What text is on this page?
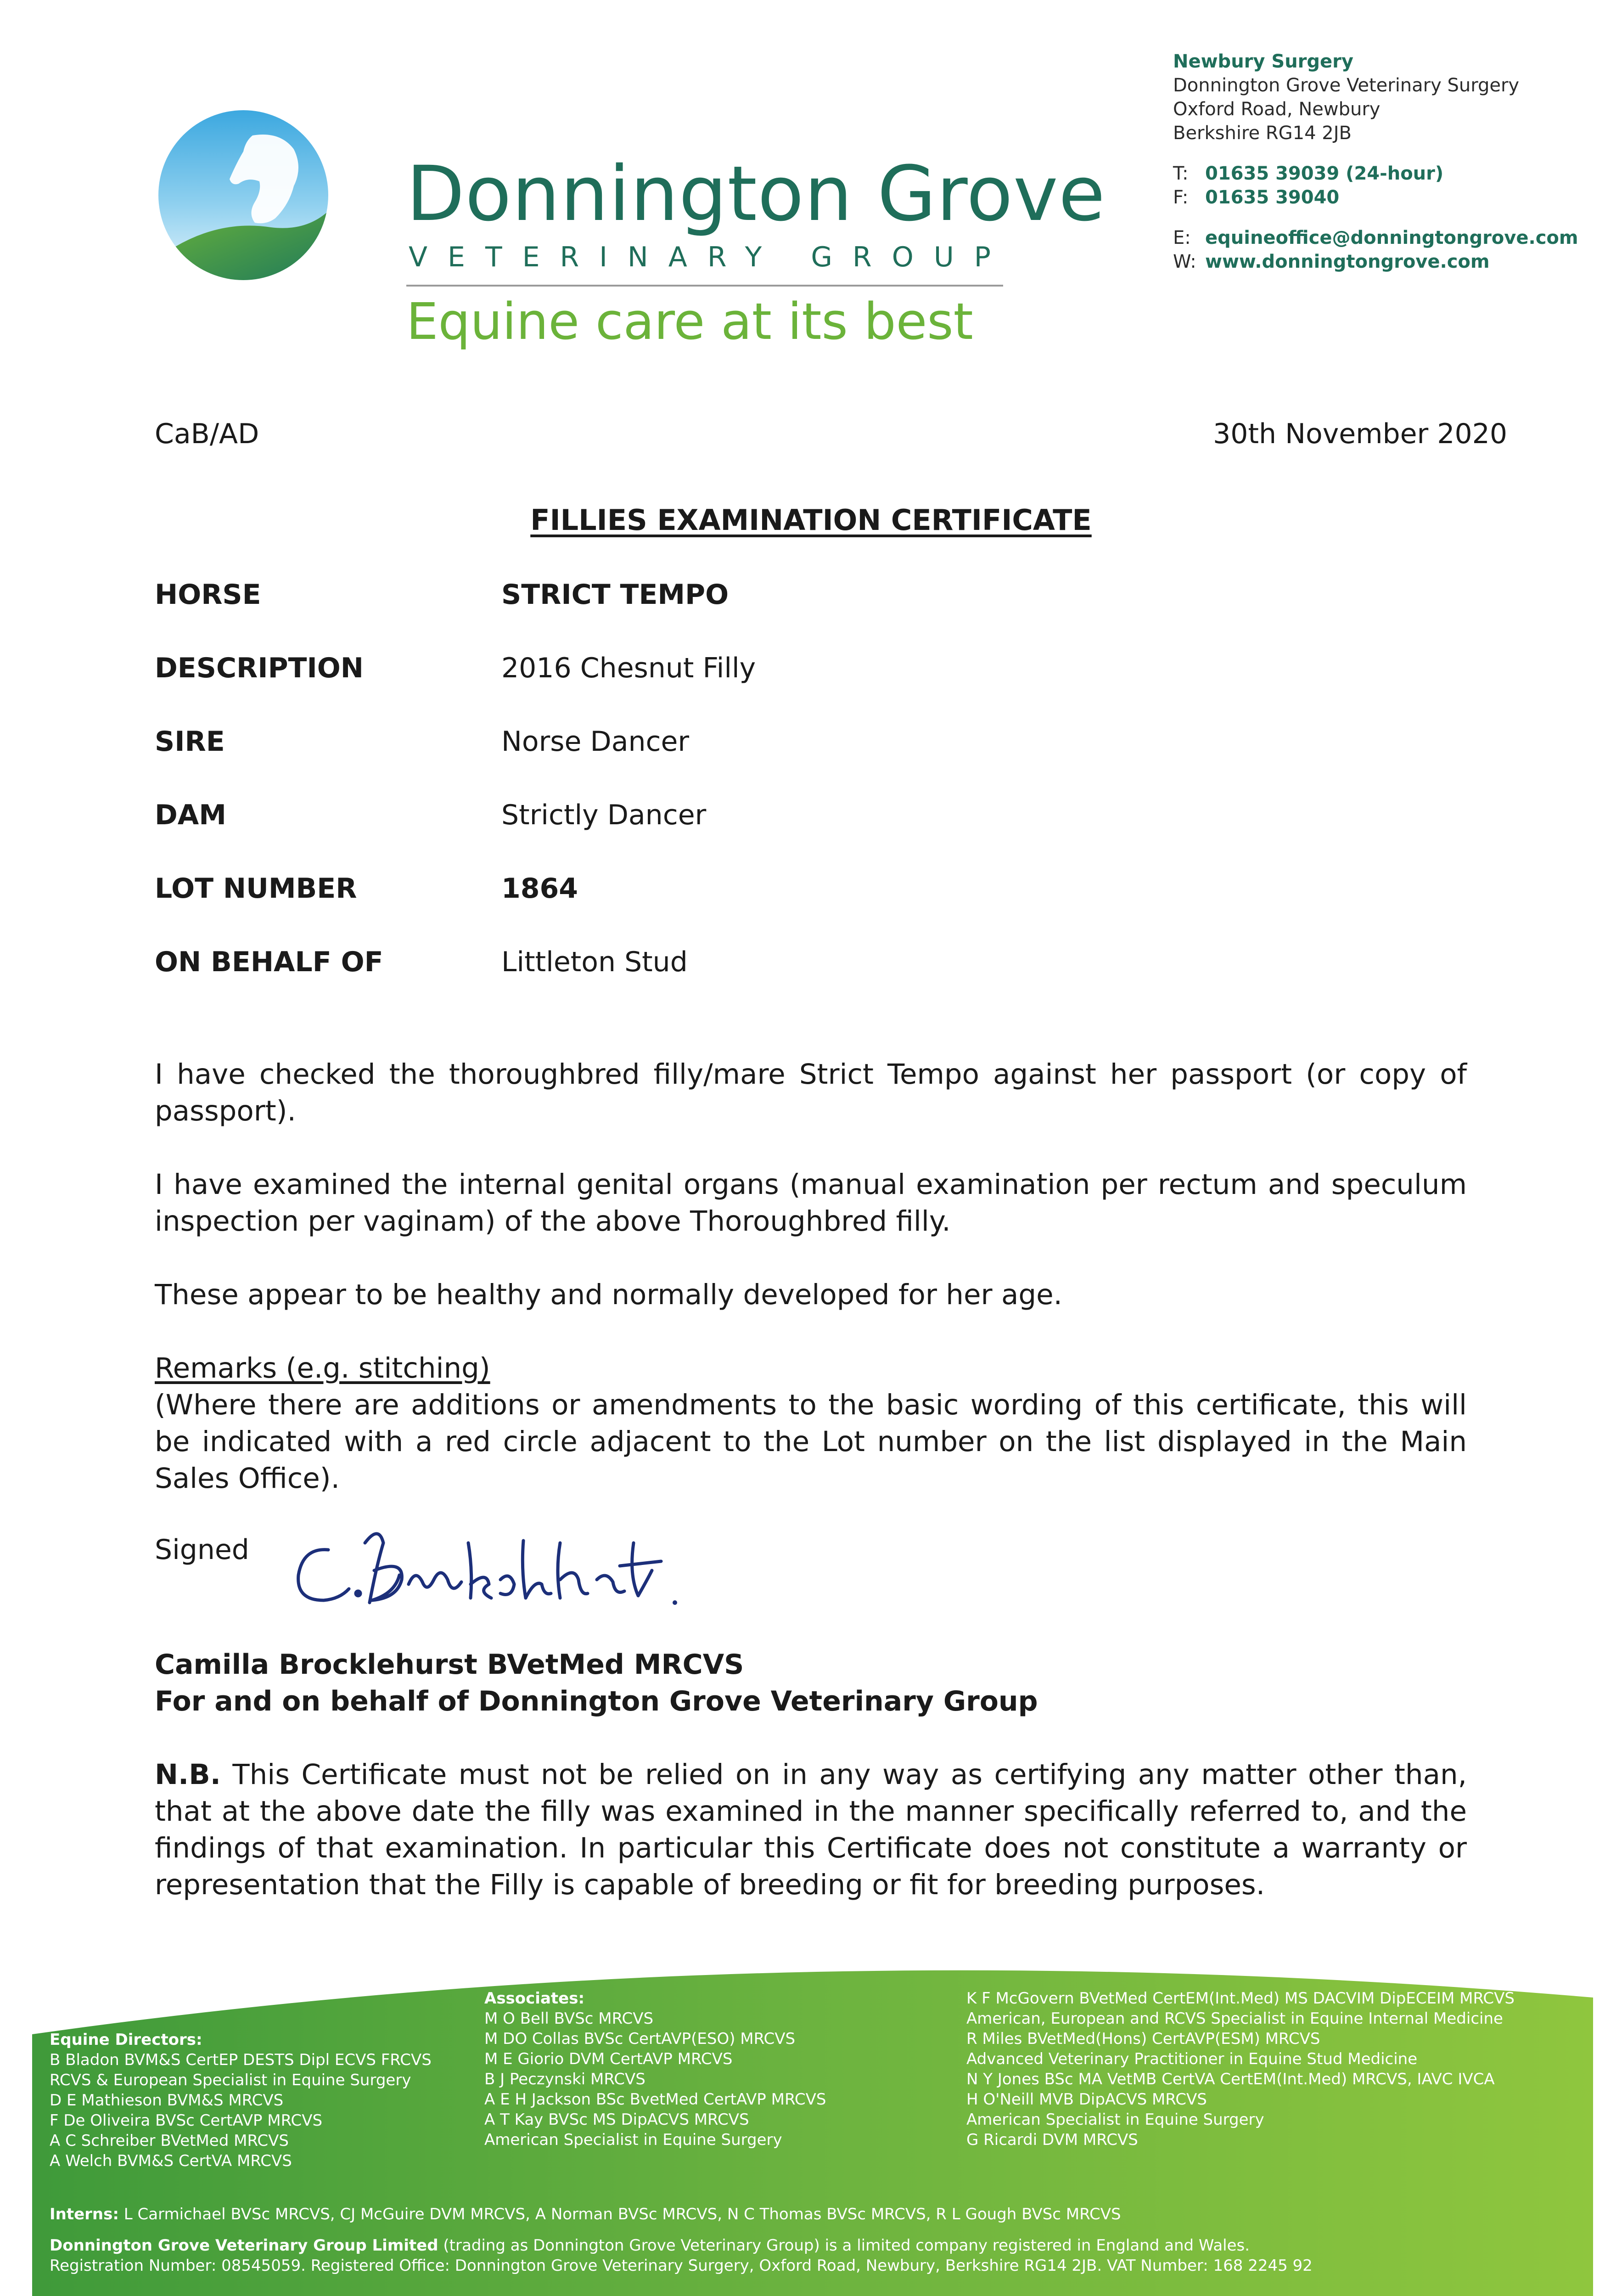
Donnington Grove
VETERINARY GROUP
Equine care at its best
Newbury Surgery
Donnington Grove Veterinary Surgery
Oxford Road, Newbury
Berkshire RG14 2JB
T: 01635 39039 (24-hour)
F: 01635 39040
E: equineoffice@donningtongrove.com
W: www.donningtongrove.com
CaB/AD	30th November 2020
FILLIES EXAMINATION CERTIFICATE
HORSE	STRICT TEMPO
DESCRIPTION	2016 Chesnut Filly
SIRE	Norse Dancer
DAM	Strictly Dancer
LOT NUMBER	1864
ON BEHALF OF	Littleton Stud
I have checked the thoroughbred filly/mare Strict Tempo against her passport (or copy of passport).
I have examined the internal genital organs (manual examination per rectum and speculum inspection per vaginam) of the above Thoroughbred filly.
These appear to be healthy and normally developed for her age.
Remarks (e.g. stitching)
(Where there are additions or amendments to the basic wording of this certificate, this will be indicated with a red circle adjacent to the Lot number on the list displayed in the Main Sales Office).
Signed
Camilla Brocklehurst BVetMed MRCVS
For and on behalf of Donnington Grove Veterinary Group
N.B. This Certificate must not be relied on in any way as certifying any matter other than, that at the above date the filly was examined in the manner specifically referred to, and the findings of that examination. In particular this Certificate does not constitute a warranty or representation that the Filly is capable of breeding or fit for breeding purposes.
Equine Directors:
B Bladon BVM&S CertEP DESTS Dipl ECVS FRCVS
RCVS & European Specialist in Equine Surgery
D E Mathieson BVM&S MRCVS
F De Oliveira BVSc CertAVP MRCVS
A C Schreiber BVetMed MRCVS
A Welch BVM&S CertVA MRCVS
Associates:
M O Bell BVSc MRCVS
M DO Collas BVSc CertAVP(ESO) MRCVS
M E Giorio DVM CertAVP MRCVS
B J Peczynski MRCVS
A E H Jackson BSc BvetMed CertAVP MRCVS
A T Kay BVSc MS DipACVS MRCVS
American Specialist in Equine Surgery
K F McGovern BVetMed CertEM(Int.Med) MS DACVIM DipECEIM MRCVS
American, European and RCVS Specialist in Equine Internal Medicine
R Miles BVetMed(Hons) CertAVP(ESM) MRCVS
Advanced Veterinary Practitioner in Equine Stud Medicine
N Y Jones BSc MA VetMB CertVA CertEM(Int.Med) MRCVS, IAVC IVCA
H O'Neill MVB DipACVS MRCVS
American Specialist in Equine Surgery
G Ricardi DVM MRCVS
Interns: L Carmichael BVSc MRCVS, CJ McGuire DVM MRCVS, A Norman BVSc MRCVS, N C Thomas BVSc MRCVS, R L Gough BVSc MRCVS
Donnington Grove Veterinary Group Limited (trading as Donnington Grove Veterinary Group) is a limited company registered in England and Wales.
Registration Number: 08545059. Registered Office: Donnington Grove Veterinary Surgery, Oxford Road, Newbury, Berkshire RG14 2JB. VAT Number: 168 2245 92
